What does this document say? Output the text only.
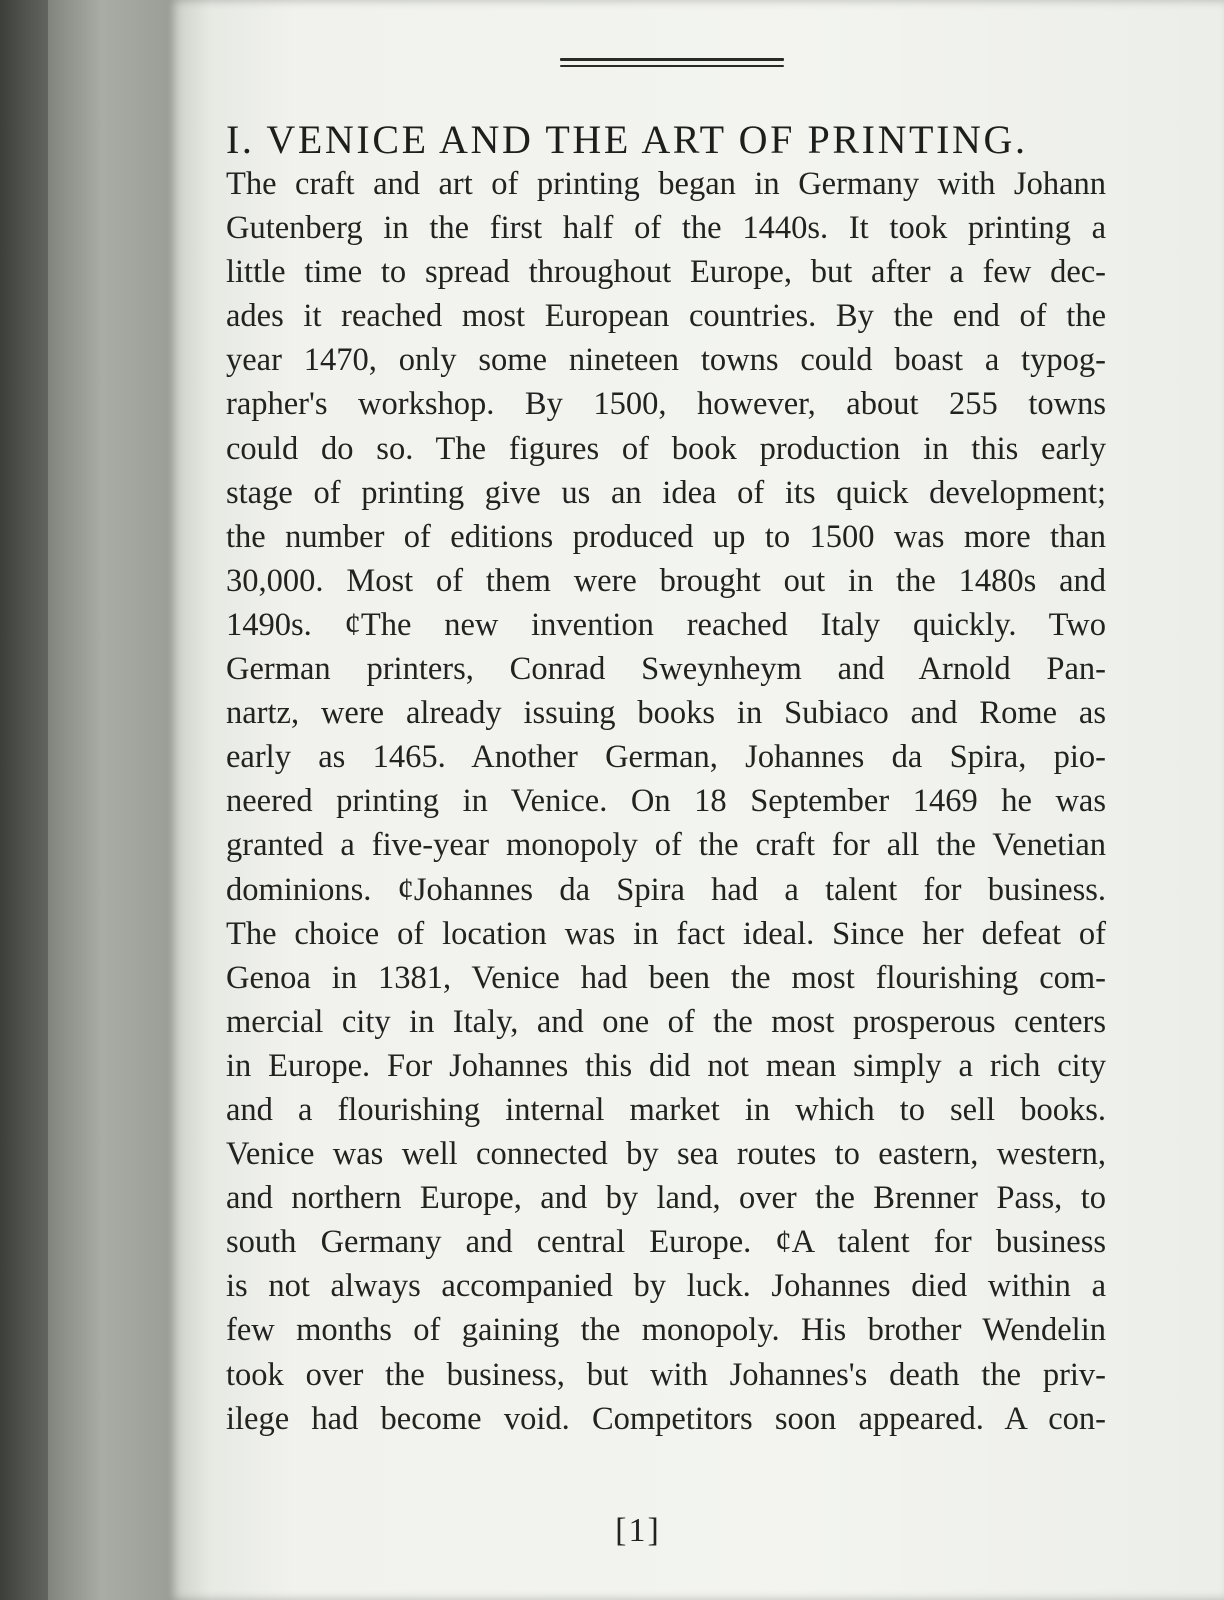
I. VENICE AND THE ART OF PRINTING.
The craft and art of printing began in Germany with Johann
Gutenberg in the first half of the 1440s. It took printing a
little time to spread throughout Europe, but after a few dec-
ades it reached most European countries. By the end of the
year 1470, only some nineteen towns could boast a typog-
rapher's workshop. By 1500, however, about 255 towns
could do so. The figures of book production in this early
stage of printing give us an idea of its quick development;
the number of editions produced up to 1500 was more than
30,000. Most of them were brought out in the 1480s and
1490s. ¢The new invention reached Italy quickly. Two
German printers, Conrad Sweynheym and Arnold Pan-
nartz, were already issuing books in Subiaco and Rome as
early as 1465. Another German, Johannes da Spira, pio-
neered printing in Venice. On 18 September 1469 he was
granted a five-year monopoly of the craft for all the Venetian
dominions. ¢Johannes da Spira had a talent for business.
The choice of location was in fact ideal. Since her defeat of
Genoa in 1381, Venice had been the most flourishing com-
mercial city in Italy, and one of the most prosperous centers
in Europe. For Johannes this did not mean simply a rich city
and a flourishing internal market in which to sell books.
Venice was well connected by sea routes to eastern, western,
and northern Europe, and by land, over the Brenner Pass, to
south Germany and central Europe. ¢A talent for business
is not always accompanied by luck. Johannes died within a
few months of gaining the monopoly. His brother Wendelin
took over the business, but with Johannes's death the priv-
ilege had become void. Competitors soon appeared. A con-
[1]
